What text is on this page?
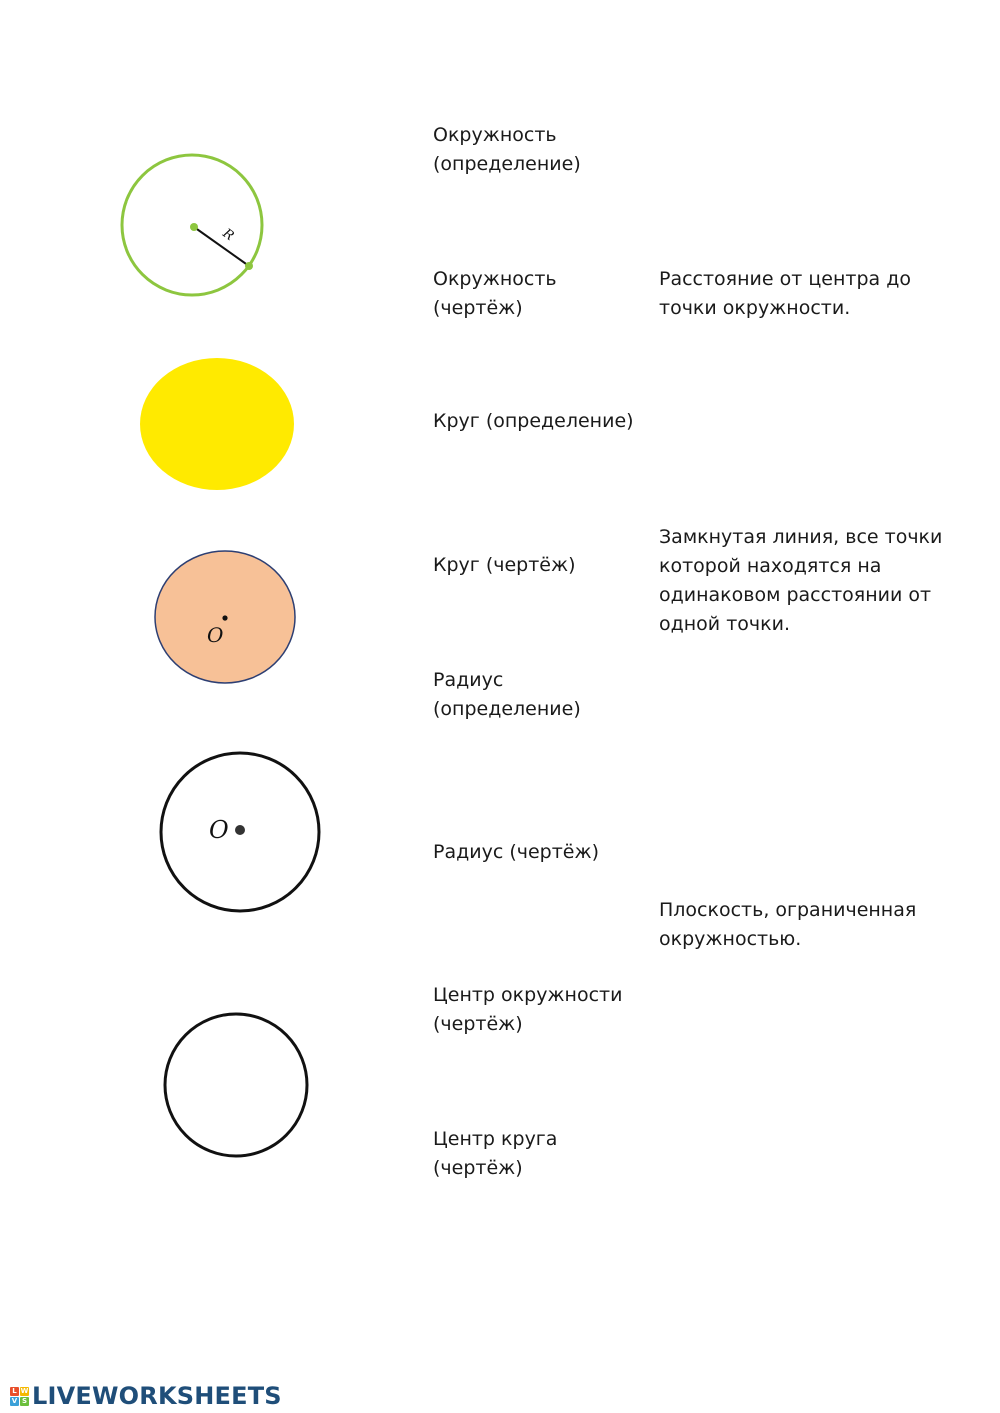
R
O
O
Окружность
(определение)
Окружность
(чертёж)
Круг (определение)
Круг (чертёж)
Радиус
(определение)
Радиус (чертёж)
Центр окружности
(чертёж)
Центр круга
(чертёж)
Расстояние от центра до
точки окружности.
Замкнутая линия, все точки
которой находятся на
одинаковом расстоянии от
одной точки.
Плоскость, ограниченная
окружностью.
L W
V S LIVEWORKSHEETS
